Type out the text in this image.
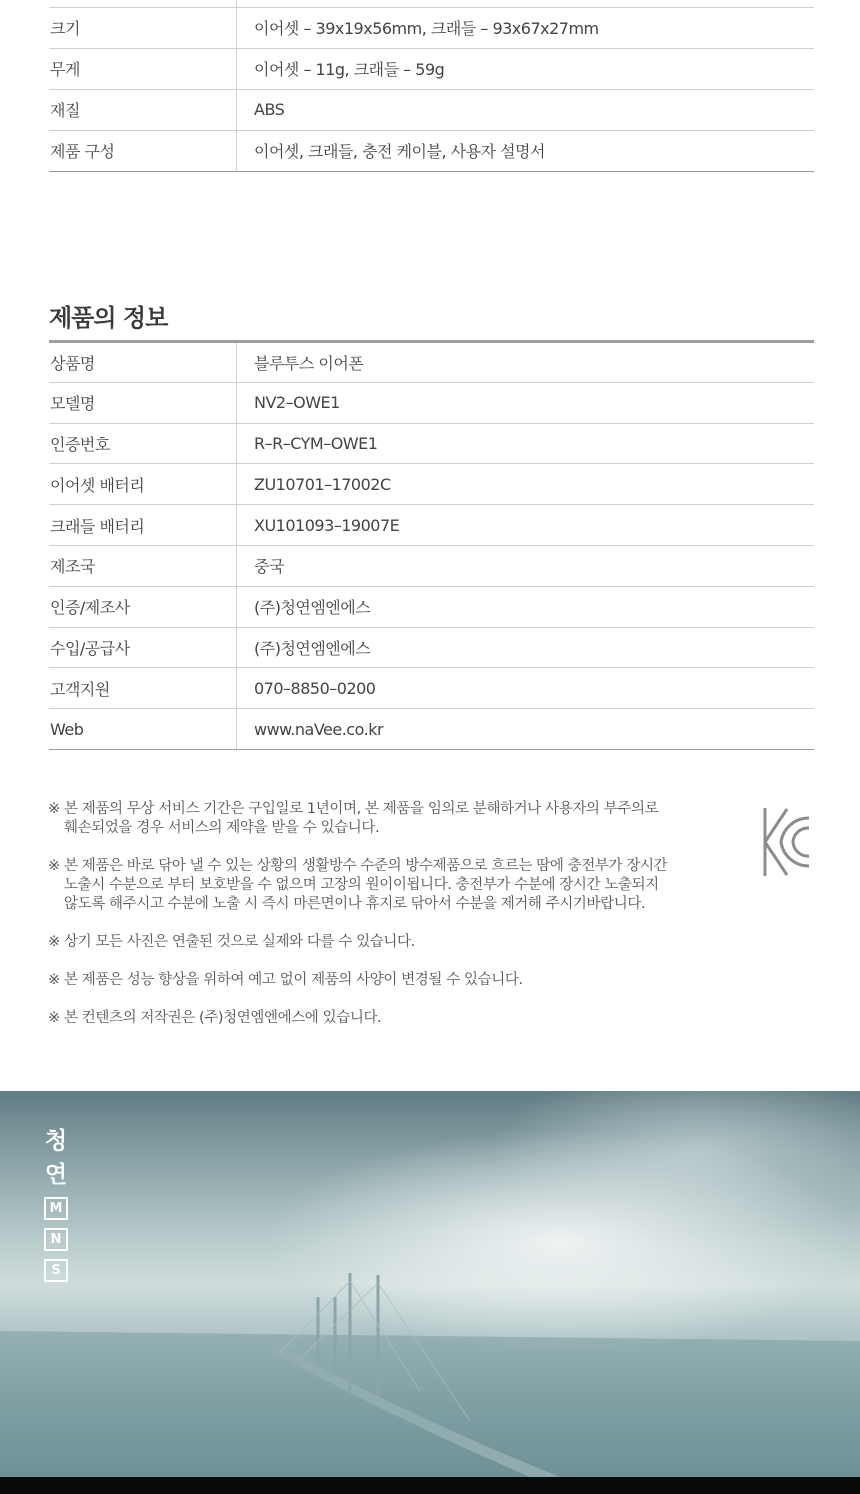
크기	이어셋 – 39x19x56mm, 크래들 – 93x67x27mm
무게	이어셋 – 11g, 크래들 – 59g
재질	ABS
제품 구성	이어셋, 크래들, 충전 케이블, 사용자 설명서
제품의 정보
상품명	블루투스 이어폰
모델명	NV2–OWE1
인증번호	R–R–CYM–OWE1
이어셋 배터리	ZU10701–17002C
크래들 배터리	XU101093–19007E
제조국	중국
인증/제조사	(주)청연엠엔에스
수입/공급사	(주)청연엠엔에스
고객지원	070–8850–0200
Web	www.naVee.co.kr
※ 본 제품의 무상 서비스 기간은 구입일로 1년이며, 본 제품을 임의로 분해하거나 사용자의 부주의로
훼손되었을 경우 서비스의 제약을 받을 수 있습니다.
※ 본 제품은 바로 닦아 낼 수 있는 상황의 생활방수 수준의 방수제품으로 흐르는 땀에 충전부가 장시간
노출시 수분으로 부터 보호받을 수 없으며 고장의 원이이됩니다. 충전부가 수분에 장시간 노출되지
않도록 해주시고 수분에 노출 시 즉시 마른면이나 휴지로 닦아서 수분을 제거해 주시기바랍니다.
※ 상기 모든 사진은 연출된 것으로 실제와 다를 수 있습니다.
※ 본 제품은 성능 향상을 위하여 예고 없이 제품의 사양이 변경될 수 있습니다.
※ 본 컨텐츠의 저작권은 (주)청연엠엔에스에 있습니다.
청
연
M
N
S
